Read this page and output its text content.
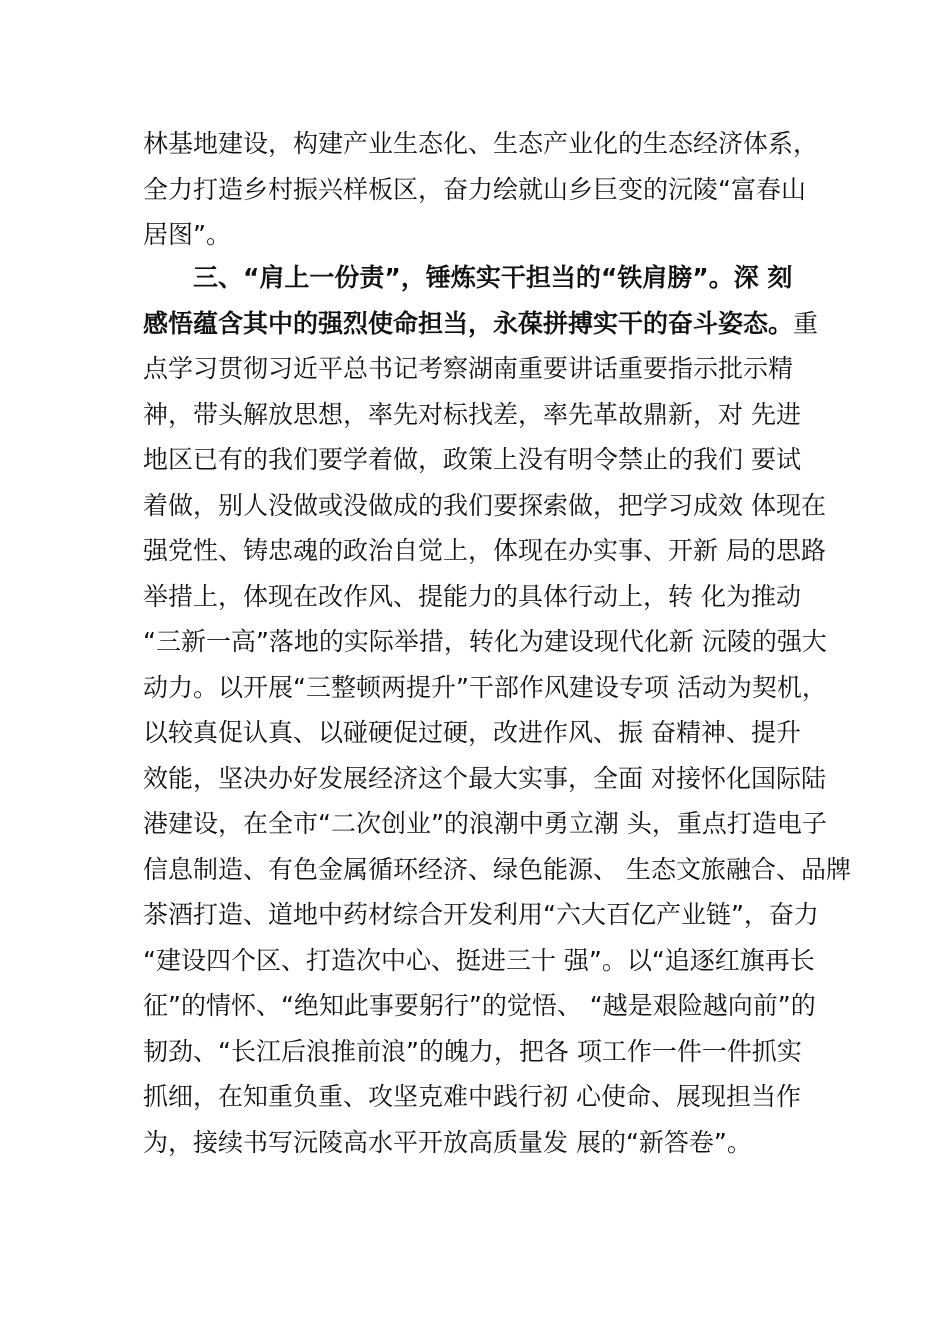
林基地建设，构建产业生态化、生态产业化的生态经济体系，
全力打造乡村振兴样板区，奋力绘就山乡巨变的沅陵“富春山
居图”。
三、“肩上一份责”，锤炼实干担当的“铁肩膀”。深 刻
感悟蕴含其中的强烈使命担当，永葆拼搏实干的奋斗姿态。重
点学习贯彻习近平总书记考察湖南重要讲话重要指示批示精
神，带头解放思想，率先对标找差，率先革故鼎新，对 先进
地区已有的我们要学着做，政策上没有明令禁止的我们 要试
着做，别人没做或没做成的我们要探索做，把学习成效 体现在
强党性、铸忠魂的政治自觉上，体现在办实事、开新 局的思路
举措上，体现在改作风、提能力的具体行动上，转 化为推动
“三新一高”落地的实际举措，转化为建设现代化新 沅陵的强大
动力。以开展“三整顿两提升”干部作风建设专项 活动为契机，
以较真促认真、以碰硬促过硬，改进作风、振 奋精神、提升
效能，坚决办好发展经济这个最大实事，全面 对接怀化国际陆
港建设，在全市“二次创业”的浪潮中勇立潮 头，重点打造电子
信息制造、有色金属循环经济、绿色能源、 生态文旅融合、品牌
茶酒打造、道地中药材综合开发利用“六大百亿产业链”，奋力
“建设四个区、打造次中心、挺进三十 强”。以“追逐红旗再长
征”的情怀、“绝知此事要躬行”的觉悟、 “越是艰险越向前”的
韧劲、“长江后浪推前浪”的魄力，把各 项工作一件一件抓实
抓细，在知重负重、攻坚克难中践行初 心使命、展现担当作
为，接续书写沅陵高水平开放高质量发 展的“新答卷”。
